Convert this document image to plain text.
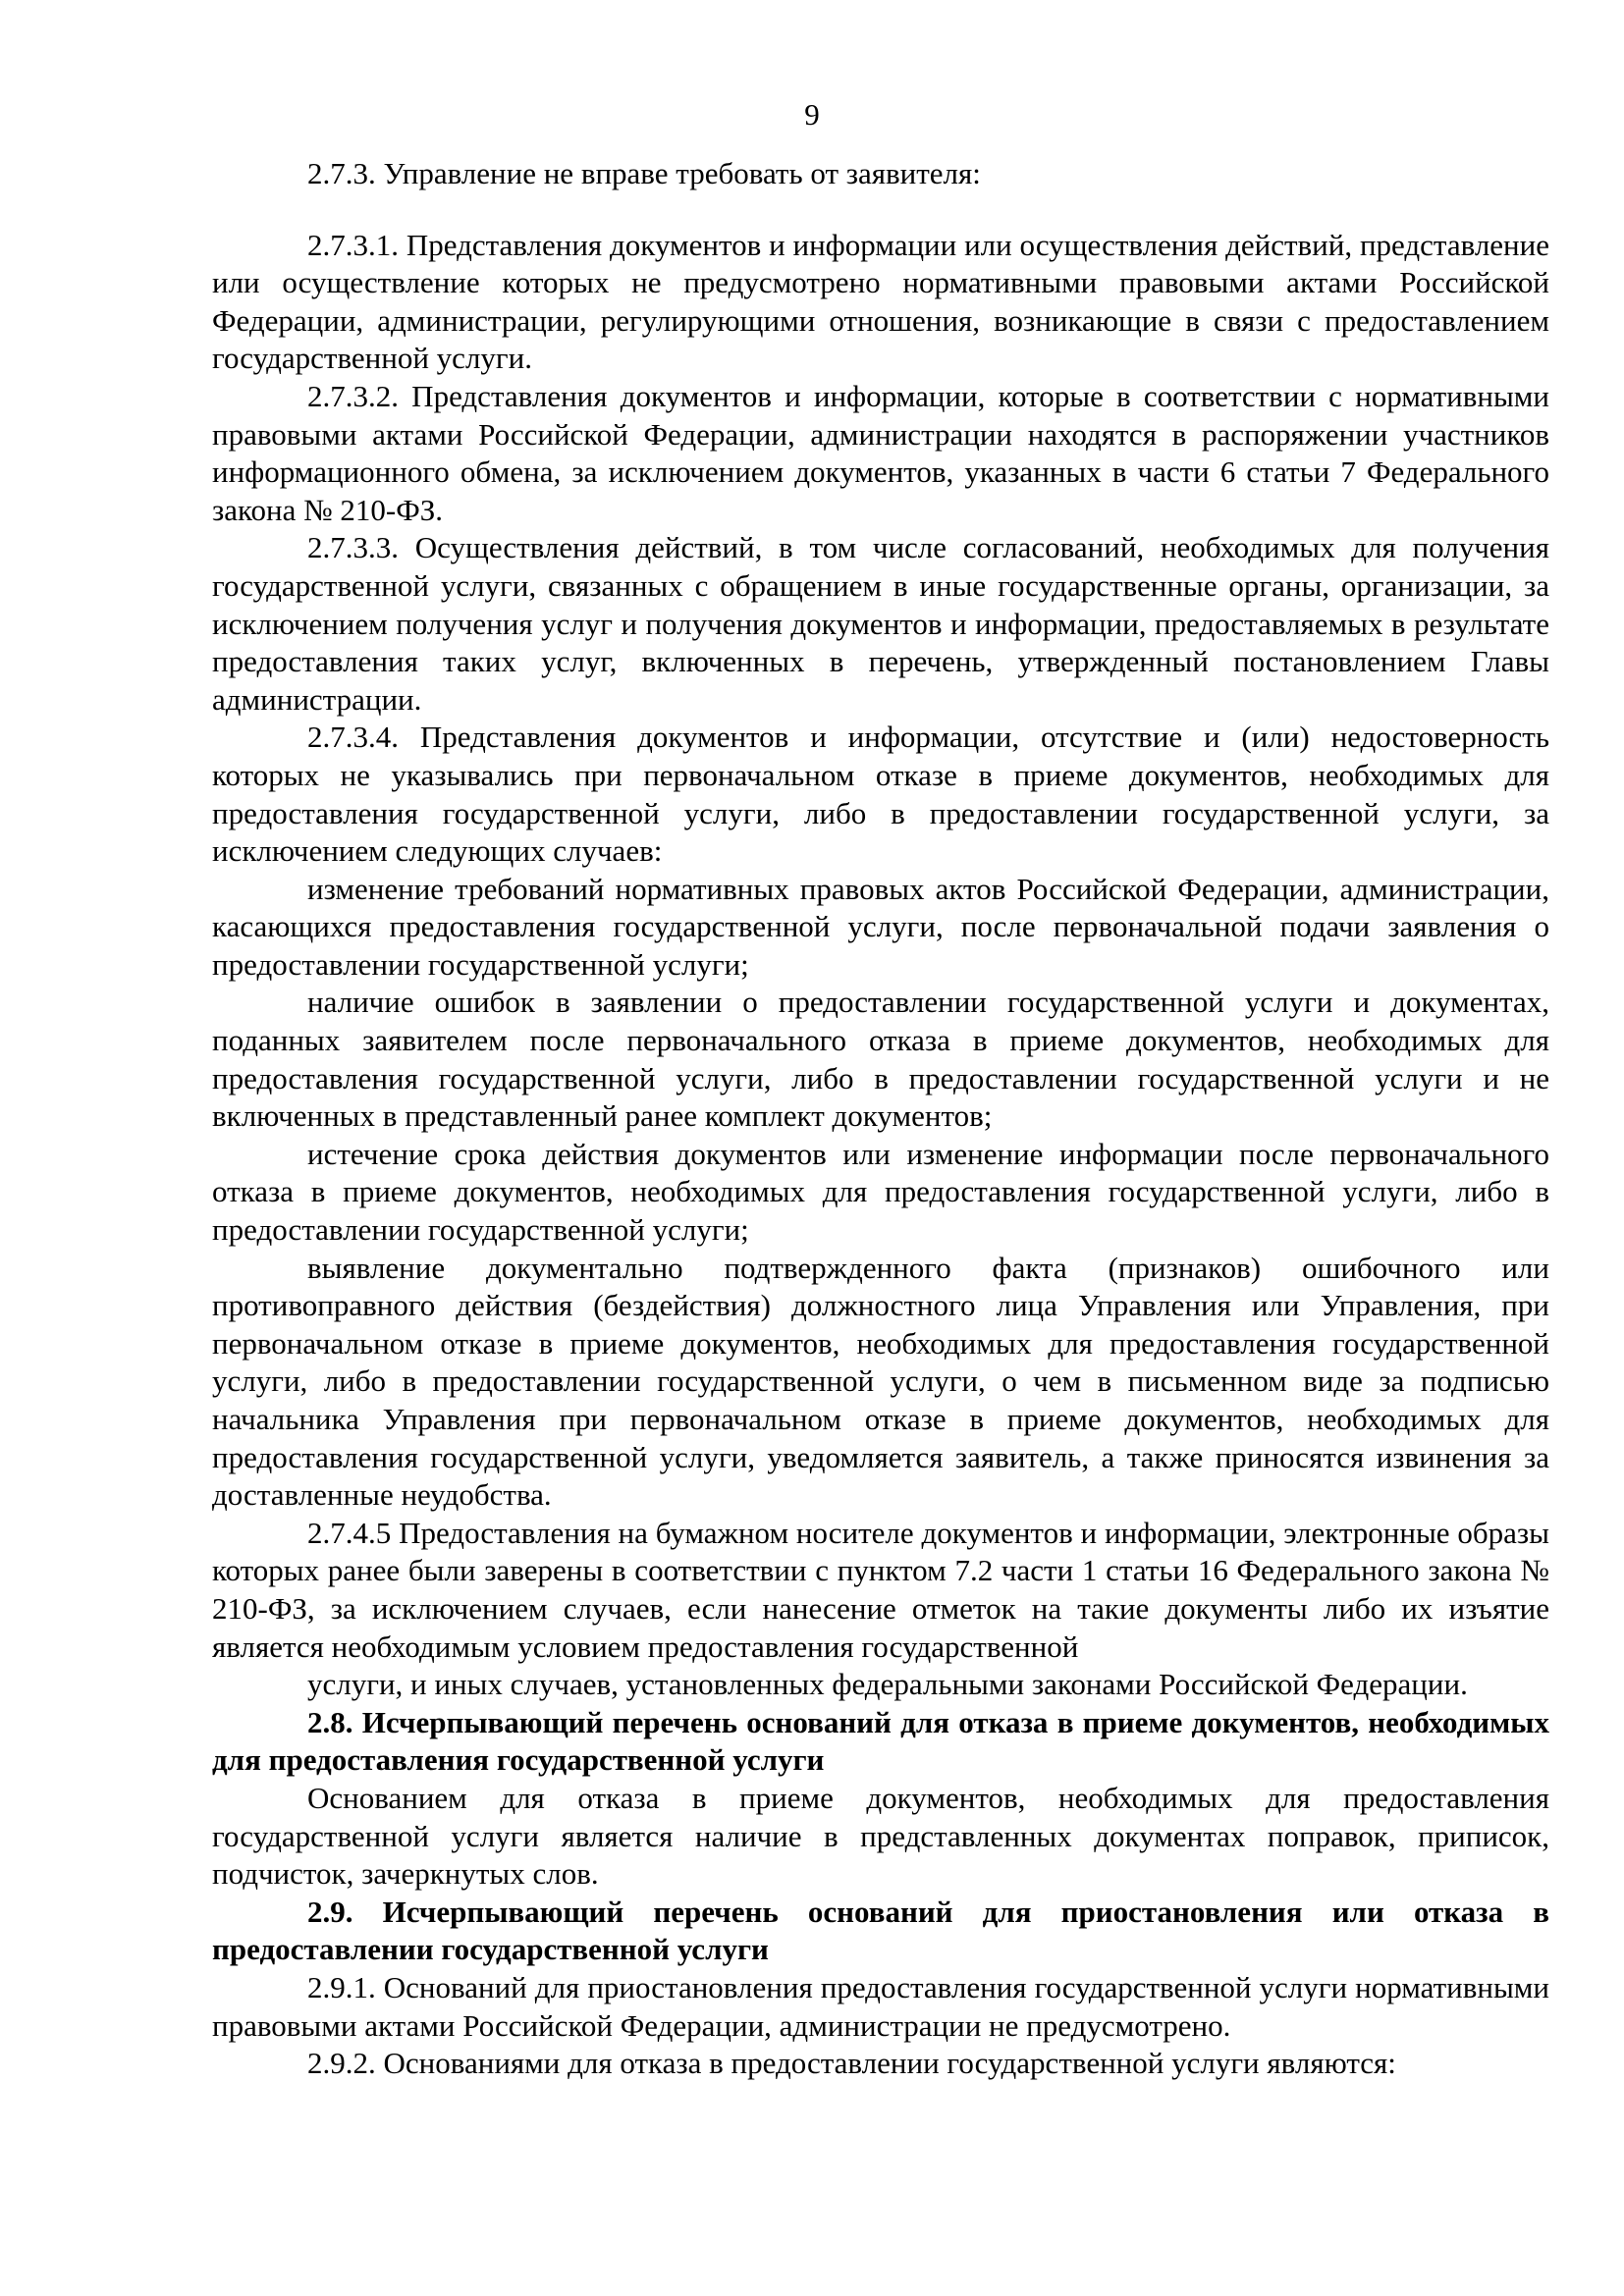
9

2.7.3. Управление не вправе требовать от заявителя:

2.7.3.1. Представления документов и информации или осуществления действий, представление или осуществление которых не предусмотрено нормативными правовыми актами Российской Федерации, администрации, регулирующими отношения, возникающие в связи с предоставлением государственной услуги.

2.7.3.2. Представления документов и информации, которые в соответствии с нормативными правовыми актами Российской Федерации, администрации находятся в распоряжении участников информационного обмена, за исключением документов, указанных в части 6 статьи 7 Федерального закона № 210-ФЗ.

2.7.3.3. Осуществления действий, в том числе согласований, необходимых для получения государственной услуги, связанных с обращением в иные государственные органы, организации, за исключением получения услуг и получения документов и информации, предоставляемых в результате предоставления таких услуг, включенных в перечень, утвержденный постановлением Главы администрации.

2.7.3.4. Представления документов и информации, отсутствие и (или) недостоверность которых не указывались при первоначальном отказе в приеме документов, необходимых для предоставления государственной услуги, либо в предоставлении государственной услуги, за исключением следующих случаев:

изменение требований нормативных правовых актов Российской Федерации, администрации, касающихся предоставления государственной услуги, после первоначальной подачи заявления о предоставлении государственной услуги;

наличие ошибок в заявлении о предоставлении государственной услуги и документах, поданных заявителем после первоначального отказа в приеме документов, необходимых для предоставления государственной услуги, либо в предоставлении государственной услуги и не включенных в представленный ранее комплект документов;

истечение срока действия документов или изменение информации после первоначального отказа в приеме документов, необходимых для предоставления государственной услуги, либо в предоставлении государственной услуги;

выявление документально подтвержденного факта (признаков) ошибочного или противоправного действия (бездействия) должностного лица Управления или Управления, при первоначальном отказе в приеме документов, необходимых для предоставления государственной услуги, либо в предоставлении государственной услуги, о чем в письменном виде за подписью начальника Управления при первоначальном отказе в приеме документов, необходимых для предоставления государственной услуги, уведомляется заявитель, а также приносятся извинения за доставленные неудобства.

2.7.4.5 Предоставления на бумажном носителе документов и информации, электронные образы которых ранее были заверены в соответствии с пунктом 7.2 части 1 статьи 16 Федерального закона № 210-ФЗ, за исключением случаев, если нанесение отметок на такие документы либо их изъятие является необходимым условием предоставления государственной

услуги, и иных случаев, установленных федеральными законами Российской Федерации.

2.8. Исчерпывающий перечень оснований для отказа в приеме документов, необходимых для предоставления государственной услуги

Основанием для отказа в приеме документов, необходимых для предоставления государственной услуги является наличие в представленных документах поправок, приписок, подчисток, зачеркнутых слов.

2.9. Исчерпывающий перечень оснований для приостановления или отказа в предоставлении государственной услуги

2.9.1. Оснований для приостановления предоставления государственной услуги нормативными правовыми актами Российской Федерации, администрации не предусмотрено.

2.9.2. Основаниями для отказа в предоставлении государственной услуги являются:
